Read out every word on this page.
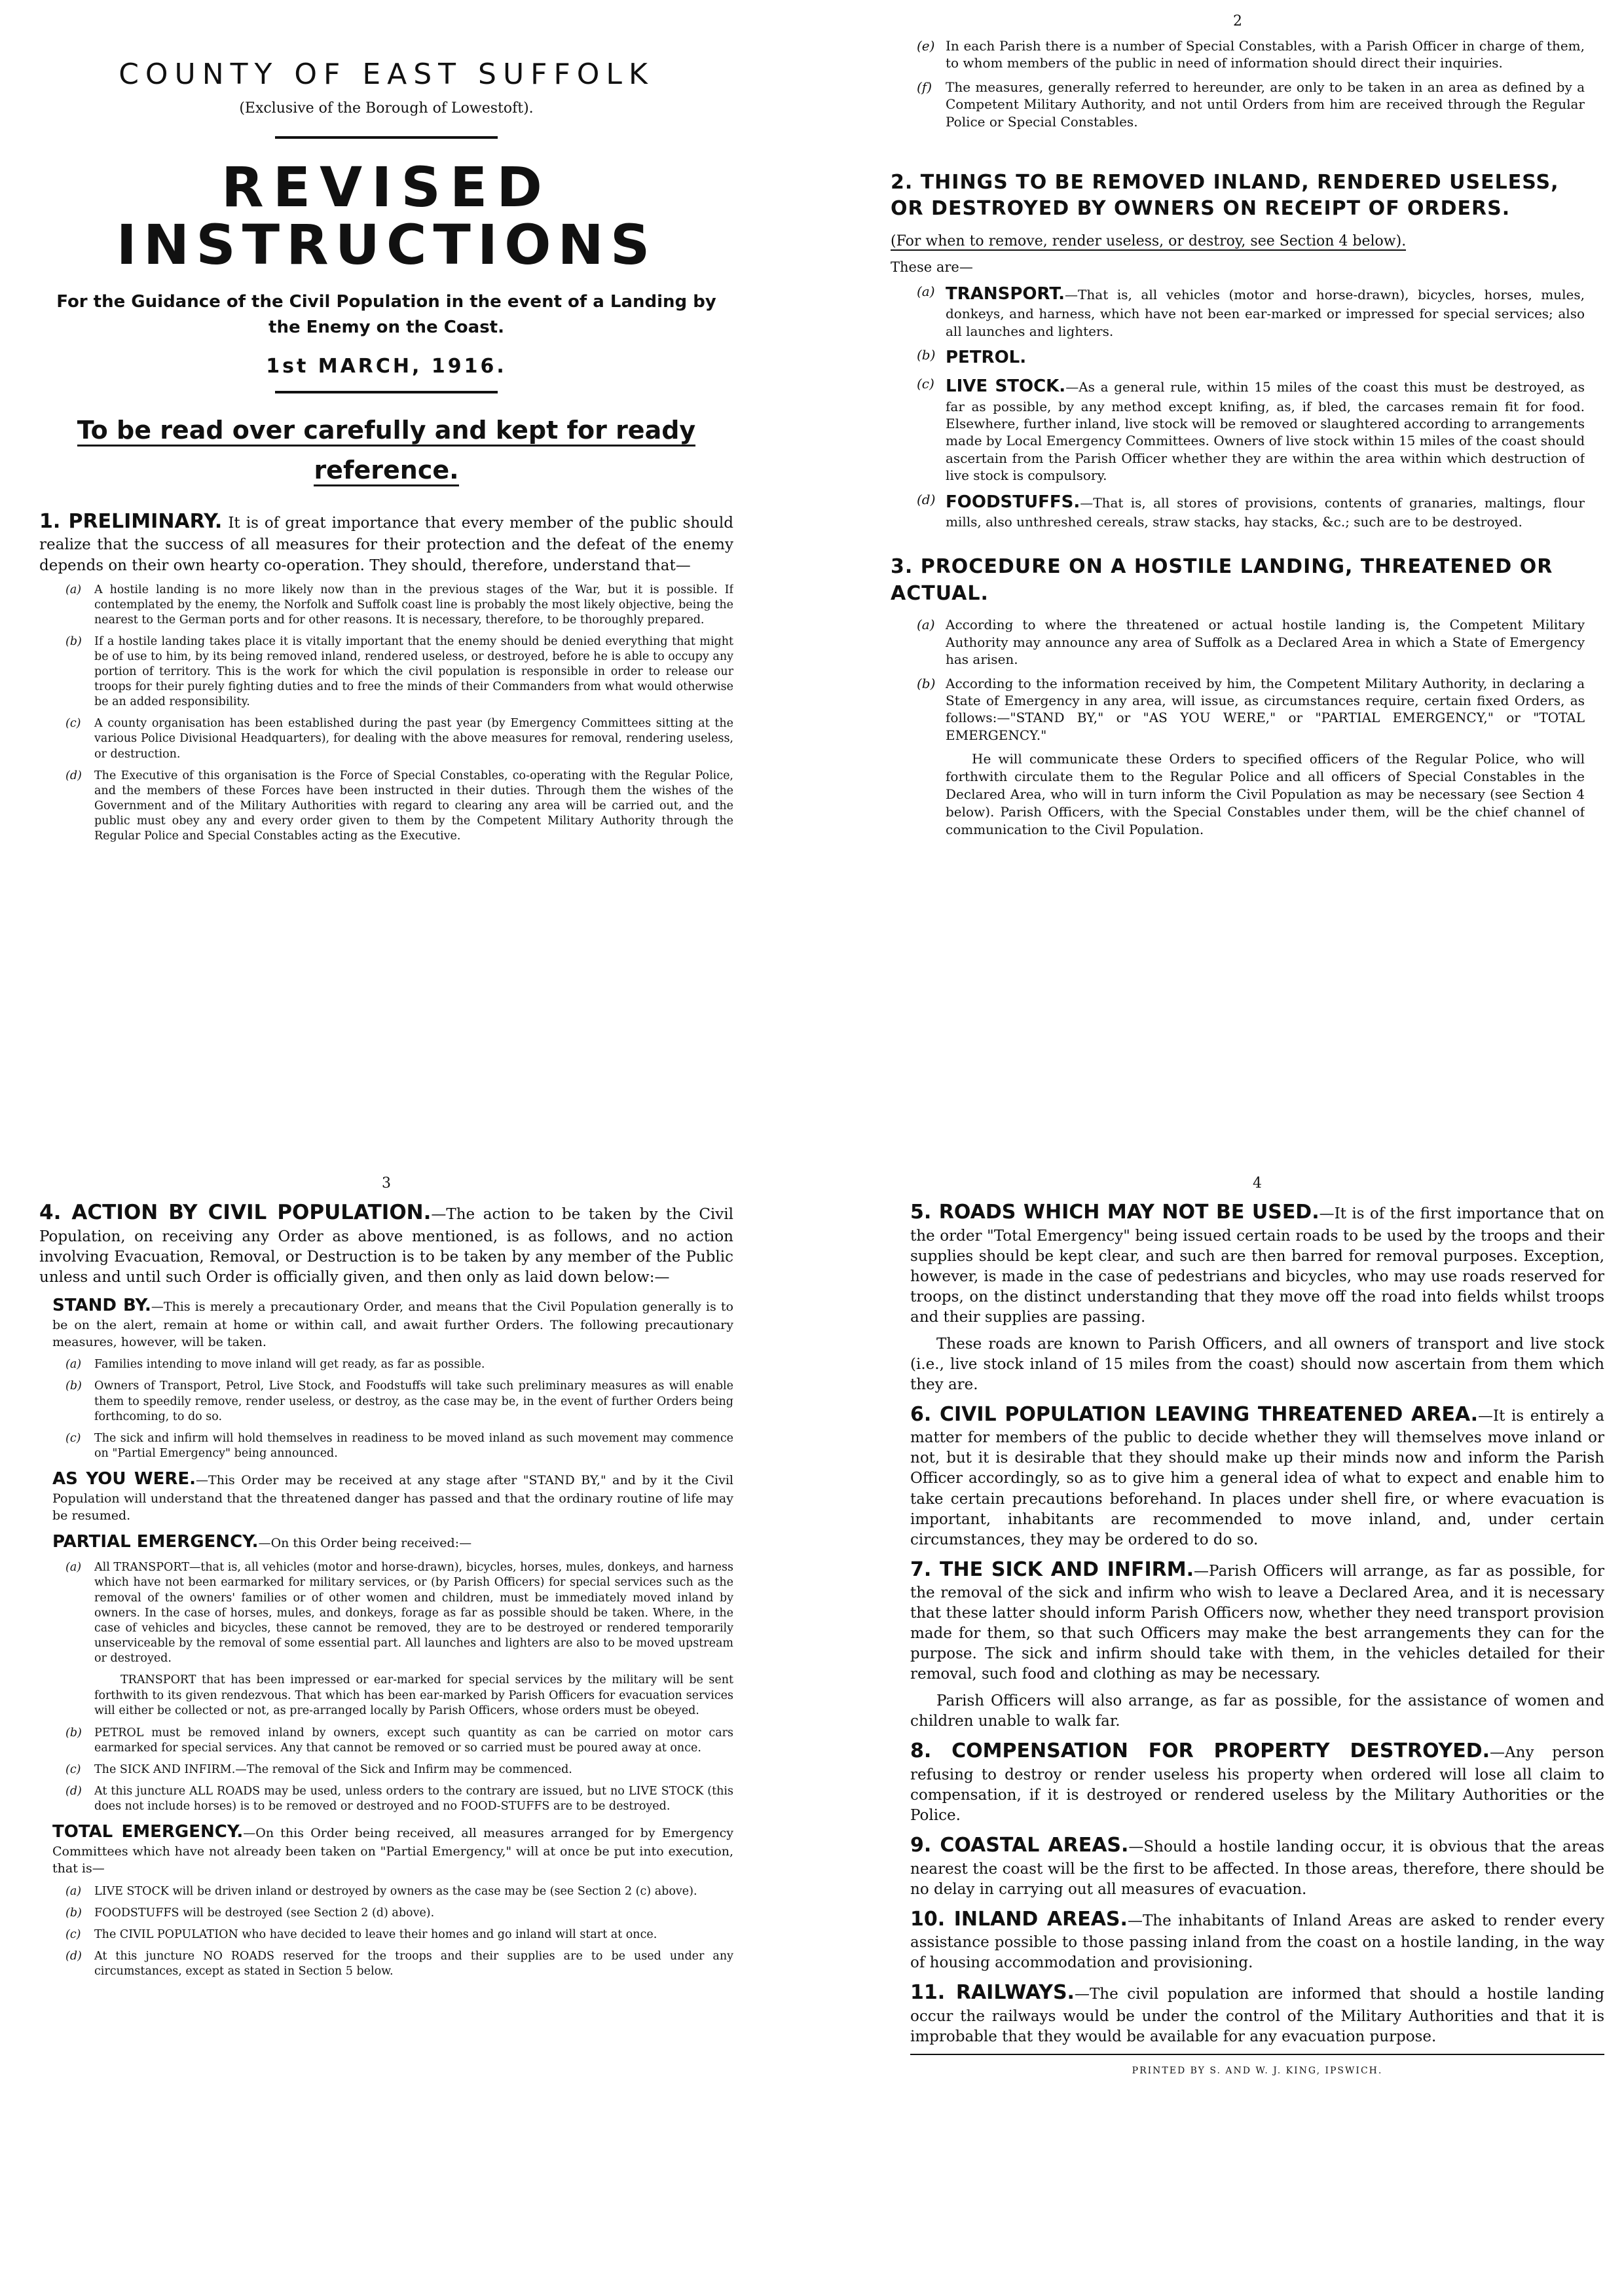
COUNTY OF EAST SUFFOLK
(Exclusive of the Borough of Lowestoft).
REVISED
INSTRUCTIONS
For the Guidance of the Civil Population in the event of a Landing by the Enemy on the Coast.
1st MARCH, 1916.
To be read over carefully and kept for ready reference.

1. PRELIMINARY. It is of great importance that every member of the public should realize that the success of all measures for their protection and the defeat of the enemy depends on their own hearty co-operation. They should, therefore, understand that—

(a)	A hostile landing is no more likely now than in the previous stages of the War, but it is possible. If contemplated by the enemy, the Norfolk and Suffolk coast line is probably the most likely objective, being the nearest to the German ports and for other reasons. It is necessary, therefore, to be thoroughly prepared.
(b)	If a hostile landing takes place it is vitally important that the enemy should be denied everything that might be of use to him, by its being removed inland, rendered useless, or destroyed, before he is able to occupy any portion of territory. This is the work for which the civil population is responsible in order to release our troops for their purely fighting duties and to free the minds of their Commanders from what would otherwise be an added responsibility.
(c)	A county organisation has been established during the past year (by Emergency Committees sitting at the various Police Divisional Headquarters), for dealing with the above measures for removal, rendering useless, or destruction.
(d)	The Executive of this organisation is the Force of Special Constables, co-operating with the Regular Police, and the members of these Forces have been instructed in their duties. Through them the wishes of the Government and of the Military Authorities with regard to clearing any area will be carried out, and the public must obey any and every order given to them by the Competent Military Authority through the Regular Police and Special Constables acting as the Executive.
2
(e) In each Parish there is a number of Special Constables, with a Parish Officer in charge of them, to whom members of the public in need of information should direct their inquiries.
(f)	The measures, generally referred to hereunder, are only to be taken in an area as defined by a Competent Military Authority, and not until Orders from him are received through the Regular Police or Special Constables.
2. THINGS TO BE REMOVED INLAND, RENDERED USELESS, OR DESTROYED BY OWNERS ON RECEIPT OF ORDERS.

(For when to remove, render useless, or destroy, see Section 4 below).

These are—

(a) TRANSPORT.—That is, all vehicles (motor and horse-drawn), bicycles, horses, mules, donkeys, and harness, which have not been ear-marked or impressed for special services; also all launches and lighters.
(b) PETROL.
(c) LIVE STOCK.—As a general rule, within 15 miles of the coast this must be destroyed, as far as possible, by any method except knifing, as, if bled, the carcases remain fit for food. Elsewhere, further inland, live stock will be removed or slaughtered according to arrangements made by Local Emergency Committees. Owners of live stock within 15 miles of the coast should ascertain from the Parish Officer whether they are within the area within which destruction of live stock is compulsory.
(d) FOODSTUFFS.—That is, all stores of provisions, contents of granaries, maltings, flour mills, also unthreshed cereals, straw stacks, hay stacks, &c.; such are to be destroyed.
3. PROCEDURE ON A HOSTILE LANDING, THREATENED OR ACTUAL.
(a) According to where the threatened or actual hostile landing is, the Competent Military Authority may announce any area of Suffolk as a Declared Area in which a State of Emergency has arisen.
(b) According to the information received by him, the Competent Military Authority, in declaring a State of Emergency in any area, will issue, as circumstances require, certain fixed Orders, as follows:—"STAND BY," or "AS YOU WERE," or "PARTIAL EMERGENCY," or "TOTAL EMERGENCY."

He will communicate these Orders to specified officers of the Regular Police, who will forthwith circulate them to the Regular Police and all officers of Special Constables in the Declared Area, who will in turn inform the Civil Population as may be necessary (see Section 4 below). Parish Officers, with the Special Constables under them, will be the chief channel of communication to the Civil Population.

3

4. ACTION BY CIVIL POPULATION.—The action to be taken by the Civil Population, on receiving any Order as above mentioned, is as follows, and no action involving Evacuation, Removal, or Destruction is to be taken by any member of the Public unless and until such Order is officially given, and then only as laid down below:—

STAND BY.—This is merely a precautionary Order, and means that the Civil Population generally is to be on the alert, remain at home or within call, and await further Orders. The following precautionary measures, however, will be taken.

(a)	Families intending to move inland will get ready, as far as possible.
(b)	Owners of Transport, Petrol, Live Stock, and Foodstuffs will take such preliminary measures as will enable them to speedily remove, render useless, or destroy, as the case may be, in the event of further Orders being forthcoming, to do so.
(c)	The sick and infirm will hold themselves in readiness to be moved inland as such movement may commence on "Partial Emergency" being announced.

AS YOU WERE.—This Order may be received at any stage after "STAND BY," and by it the Civil Population will understand that the threatened danger has passed and that the ordinary routine of life may be resumed.

PARTIAL EMERGENCY.—On this Order being received:—

(a)	All TRANSPORT—that is, all vehicles (motor and horse-drawn), bicycles, horses, mules, donkeys, and harness which have not been earmarked for military services, or (by Parish Officers) for special services such as the removal of the owners' families or of other women and children, must be immediately moved inland by owners. In the case of horses, mules, and donkeys, forage as far as possible should be taken. Where, in the case of vehicles and bicycles, these cannot be removed, they are to be destroyed or rendered temporarily unserviceable by the removal of some essential part. All launches and lighters are also to be moved upstream or destroyed.

TRANSPORT that has been impressed or ear-marked for special services by the military will be sent forthwith to its given rendezvous. That which has been ear-marked by Parish Officers for evacuation services will either be collected or not, as pre-arranged locally by Parish Officers, whose orders must be obeyed.

(b)	PETROL must be removed inland by owners, except such quantity as can be carried on motor cars earmarked for special services. Any that cannot be removed or so carried must be poured away at once.
(c)	The SICK AND INFIRM.—The removal of the Sick and Infirm may be commenced.
(d)	At this juncture ALL ROADS may be used, unless orders to the contrary are issued, but no LIVE STOCK (this does not include horses) is to be removed or destroyed and no FOOD-STUFFS are to be destroyed.

TOTAL EMERGENCY.—On this Order being received, all measures arranged for by Emergency Committees which have not already been taken on "Partial Emergency," will at once be put into execution, that is—

(a)	LIVE STOCK will be driven inland or destroyed by owners as the case may be (see Section 2 (c) above).
(b)	FOODSTUFFS will be destroyed (see Section 2 (d) above).
(c)	The CIVIL POPULATION who have decided to leave their homes and go inland will start at once.
(d)	At this juncture NO ROADS reserved for the troops and their supplies are to be used under any circumstances, except as stated in Section 5 below.
4

5. ROADS WHICH MAY NOT BE USED.—It is of the first importance that on the order "Total Emergency" being issued certain roads to be used by the troops and their supplies should be kept clear, and such are then barred for removal purposes. Exception, however, is made in the case of pedestrians and bicycles, who may use roads reserved for troops, on the distinct understanding that they move off the road into fields whilst troops and their supplies are passing.

These roads are known to Parish Officers, and all owners of transport and live stock (i.e., live stock inland of 15 miles from the coast) should now ascertain from them which they are.

6. CIVIL POPULATION LEAVING THREATENED AREA.—It is entirely a matter for members of the public to decide whether they will themselves move inland or not, but it is desirable that they should make up their minds now and inform the Parish Officer accordingly, so as to give him a general idea of what to expect and enable him to take certain precautions beforehand. In places under shell fire, or where evacuation is important, inhabitants are recommended to move inland, and, under certain circumstances, they may be ordered to do so.

7. THE SICK AND INFIRM.—Parish Officers will arrange, as far as possible, for the removal of the sick and infirm who wish to leave a Declared Area, and it is necessary that these latter should inform Parish Officers now, whether they need transport provision made for them, so that such Officers may make the best arrangements they can for the purpose. The sick and infirm should take with them, in the vehicles detailed for their removal, such food and clothing as may be necessary.

Parish Officers will also arrange, as far as possible, for the assistance of women and children unable to walk far.

8. COMPENSATION FOR PROPERTY DESTROYED.—Any person refusing to destroy or render useless his property when ordered will lose all claim to compensation, if it is destroyed or rendered useless by the Military Authorities or the Police.

9. COASTAL AREAS.—Should a hostile landing occur, it is obvious that the areas nearest the coast will be the first to be affected. In those areas, therefore, there should be no delay in carrying out all measures of evacuation.

10. INLAND AREAS.—The inhabitants of Inland Areas are asked to render every assistance possible to those passing inland from the coast on a hostile landing, in the way of housing accommodation and provisioning.

11. RAILWAYS.—The civil population are informed that should a hostile landing occur the railways would be under the control of the Military Authorities and that it is improbable that they would be available for any evacuation purpose.

PRINTED BY S. AND W. J. KING, IPSWICH.
